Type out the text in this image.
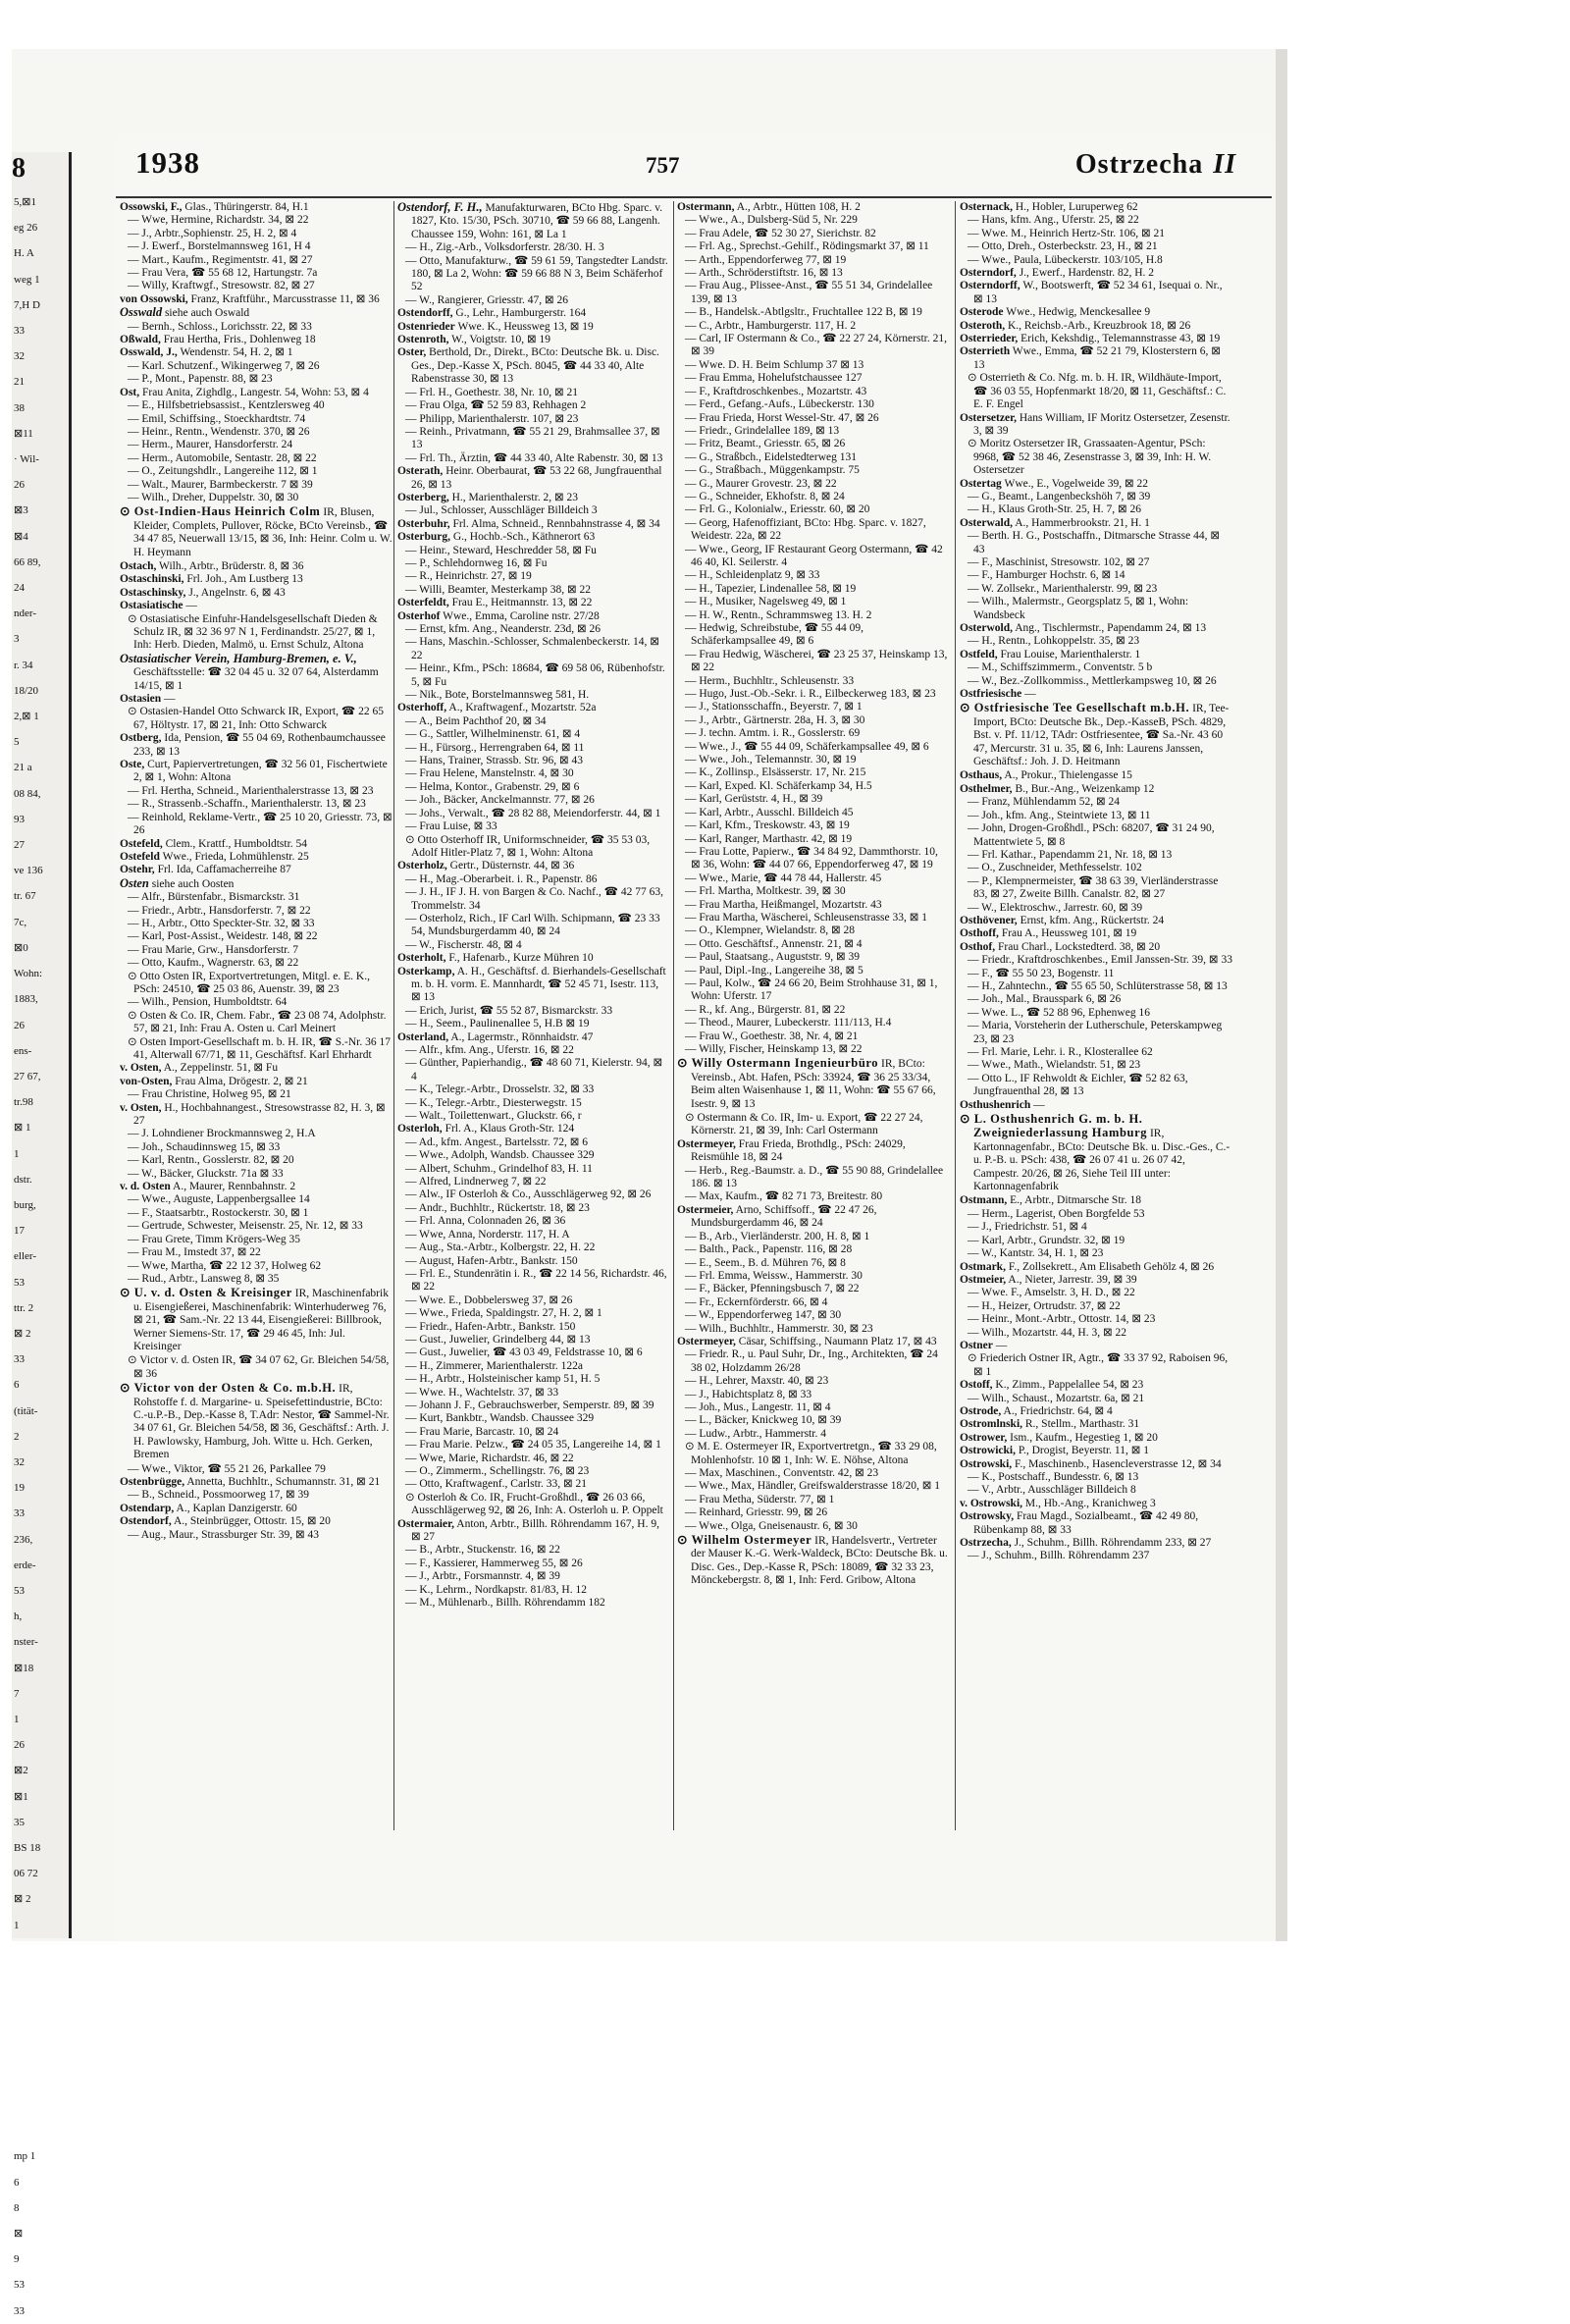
8
5,⊠1
eg 26
H. A
weg 1
7,H D
33
32
21
38
⊠11
· Wil-
26
⊠3
⊠4
66 89,
24
nder-
3
r. 34
18/20
2,⊠ 1
5
21 a
08 84,
93
27
ve 136
tr. 67
7c,
⊠0
Wohn:
1883,
26
ens-
27 67,
tr.98
⊠ 1
1
dstr.
burg,
17
eller-
53
ttr. 2
⊠ 2
33
6
(tität-
2
32
19
33
236,
erde-
53
h,
nster-
⊠18
7
1
26
⊠2
⊠1
35
BS 18
06 72
⊠ 2
1
mp 1
6
8
⊠
9
53
33
1938	757	Ostrzecha II

Ossowski, F., Glas., Thüringerstr. 84, H.1

— Wwe, Hermine, Richardstr. 34, ⊠ 22

— J., Arbtr.,Sophienstr. 25, H. 2, ⊠ 4

— J. Ewerf., Borstelmannsweg 161, H 4

— Mart., Kaufm., Regimentstr. 41, ⊠ 27

— Frau Vera, ☎ 55 68 12, Hartungstr. 7a

— Willy, Kraftwgf., Stresowstr. 82, ⊠ 27

von Ossowski, Franz, Kraftführ., Marcusstrasse 11, ⊠ 36

Osswald siehe auch Oswald

— Bernh., Schloss., Lorichsstr. 22, ⊠ 33

Oßwald, Frau Hertha, Fris., Dohlenweg 18

Osswald, J., Wendenstr. 54, H. 2, ⊠ 1

— Karl. Schutzenf., Wikingerweg 7, ⊠ 26

— P., Mont., Papenstr. 88, ⊠ 23

Ost, Frau Anita, Zighdlg., Langestr. 54, Wohn: 53, ⊠ 4

— E., Hilfsbetriebsassist., Kentzlersweg 40

— Emil, Schiffsing., Stoeckhardtstr. 74

— Heinr., Rentn., Wendenstr. 370, ⊠ 26

— Herm., Maurer, Hansdorferstr. 24

— Herm., Automobile, Sentastr. 28, ⊠ 22

— O., Zeitungshdlr., Langereihe 112, ⊠ 1

— Walt., Maurer, Barmbeckerstr. 7 ⊠ 39

— Wilh., Dreher, Duppelstr. 30, ⊠ 30

⊙ Ost-Indien-Haus Heinrich Colm IR, Blusen, Kleider, Complets, Pullover, Röcke, BCto Vereinsb., ☎ 34 47 85, Neuerwall 13/15, ⊠ 36, Inh: Heinr. Colm u. W. H. Heymann

Ostach, Wilh., Arbtr., Brüderstr. 8, ⊠ 36

Ostaschinski, Frl. Joh., Am Lustberg 13

Ostaschinsky, J., Angelnstr. 6, ⊠ 43

Ostasiatische —

⊙ Ostasiatische Einfuhr-Handelsgesellschaft Dieden & Schulz IR, ⊠ 32 36 97 N 1, Ferdinandstr. 25/27, ⊠ 1, Inh: Herb. Dieden, Malmö, u. Ernst Schulz, Altona

Ostasiatischer Verein, Hamburg-Bremen, e. V., Geschäftsstelle: ☎ 32 04 45 u. 32 07 64, Alsterdamm 14/15, ⊠ 1

Ostasien —

⊙ Ostasien-Handel Otto Schwarck IR, Export, ☎ 22 65 67, Höltystr. 17, ⊠ 21, Inh: Otto Schwarck

Ostberg, Ida, Pension, ☎ 55 04 69, Rothenbaumchaussee 233, ⊠ 13

Oste, Curt, Papiervertretungen, ☎ 32 56 01, Fischertwiete 2, ⊠ 1, Wohn: Altona

— Frl. Hertha, Schneid., Marienthalerstrasse 13, ⊠ 23

— R., Strassenb.-Schaffn., Marienthalerstr. 13, ⊠ 23

— Reinhold, Reklame-Vertr., ☎ 25 10 20, Griesstr. 73, ⊠ 26

Ostefeld, Clem., Krattf., Humboldtstr. 54

Ostefeld Wwe., Frieda, Lohmühlenstr. 25

Ostehr, Frl. Ida, Caffamacherreihe 87

Osten siehe auch Oosten

— Alfr., Bürstenfabr., Bismarckstr. 31

— Friedr., Arbtr., Hansdorferstr. 7, ⊠ 22

— H., Arbtr., Otto Speckter-Str. 32, ⊠ 33

— Karl, Post-Assist., Weidestr. 148, ⊠ 22

— Frau Marie, Grw., Hansdorferstr. 7

— Otto, Kaufm., Wagnerstr. 63, ⊠ 22

⊙ Otto Osten IR, Exportvertretungen, Mitgl. e. E. K., PSch: 24510, ☎ 25 03 86, Auenstr. 39, ⊠ 23

— Wilh., Pension, Humboldtstr. 64

⊙ Osten & Co. IR, Chem. Fabr., ☎ 23 08 74, Adolphstr. 57, ⊠ 21, Inh: Frau A. Osten u. Carl Meinert

⊙ Osten Import-Gesellschaft m. b. H. IR, ☎ S.-Nr. 36 17 41, Alterwall 67/71, ⊠ 11, Geschäftsf. Karl Ehrhardt

v. Osten, A., Zeppelinstr. 51, ⊠ Fu

von-Osten, Frau Alma, Drögestr. 2, ⊠ 21

— Frau Christine, Holweg 95, ⊠ 21

v. Osten, H., Hochbahnangest., Stresowstrasse 82, H. 3, ⊠ 27

— J. Lohndiener Brockmannsweg 2, H.A

— Joh., Schaudinnsweg 15, ⊠ 33

— Karl, Rentn., Gosslerstr. 82, ⊠ 20

— W., Bäcker, Gluckstr. 71a ⊠ 33

v. d. Osten A., Maurer, Rennbahnstr. 2

— Wwe., Auguste, Lappenbergsallee 14

— F., Staatsarbtr., Rostockerstr. 30, ⊠ 1

— Gertrude, Schwester, Meisenstr. 25, Nr. 12, ⊠ 33

— Frau Grete, Timm Krögers-Weg 35

— Frau M., Imstedt 37, ⊠ 22

— Wwe, Martha, ☎ 22 12 37, Holweg 62

— Rud., Arbtr., Lansweg 8, ⊠ 35

⊙ U. v. d. Osten & Kreisinger IR, Maschinenfabrik u. Eisengießerei, Maschinenfabrik: Winterhuderweg 76, ⊠ 21, ☎ Sam.-Nr. 22 13 44, Eisengießerei: Billbrook, Werner Siemens-Str. 17, ☎ 29 46 45, Inh: Jul. Kreisinger

⊙ Victor v. d. Osten IR, ☎ 34 07 62, Gr. Bleichen 54/58, ⊠ 36

⊙ Victor von der Osten & Co. m.b.H. IR, Rohstoffe f. d. Margarine- u. Speisefettindustrie, BCto: C.-u.P.-B., Dep.-Kasse 8, T.Adr: Nestor, ☎ Sammel-Nr. 34 07 61, Gr. Bleichen 54/58, ⊠ 36, Geschäftsf.: Arth. J. H. Pawlowsky, Hamburg, Joh. Witte u. Hch. Gerken, Bremen

— Wwe., Viktor, ☎ 55 21 26, Parkallee 79

Ostenbrügge, Annetta, Buchhltr., Schumannstr. 31, ⊠ 21

— B., Schneid., Possmoorweg 17, ⊠ 39

Ostendarp, A., Kaplan Danzigerstr. 60

Ostendorf, A., Steinbrügger, Ottostr. 15, ⊠ 20

— Aug., Maur., Strassburger Str. 39, ⊠ 43

Ostendorf, F. H., Manufakturwaren, BCto Hbg. Sparc. v. 1827, Kto. 15/30, PSch. 30710, ☎ 59 66 88, Langenh. Chaussee 159, Wohn: 161, ⊠ La 1

— H., Zig.-Arb., Volksdorferstr. 28/30. H. 3

— Otto, Manufakturw., ☎ 59 61 59, Tangstedter Landstr. 180, ⊠ La 2, Wohn: ☎ 59 66 88 N 3, Beim Schäferhof 52

— W., Rangierer, Griesstr. 47, ⊠ 26

Ostendorff, G., Lehr., Hamburgerstr. 164

Ostenrieder Wwe. K., Heussweg 13, ⊠ 19

Ostenroth, W., Voigtstr. 10, ⊠ 19

Oster, Berthold, Dr., Direkt., BCto: Deutsche Bk. u. Disc. Ges., Dep.-Kasse X, PSch. 8045, ☎ 44 33 40, Alte Rabenstrasse 30, ⊠ 13

— Frl. H., Goethestr. 38, Nr. 10, ⊠ 21

— Frau Olga, ☎ 52 59 83, Rehhagen 2

— Philipp, Marienthalerstr. 107, ⊠ 23

— Reinh., Privatmann, ☎ 55 21 29, Brahmsallee 37, ⊠ 13

— Frl. Th., Ärztin, ☎ 44 33 40, Alte Rabenstr. 30, ⊠ 13

Osterath, Heinr. Oberbaurat, ☎ 53 22 68, Jungfrauenthal 26, ⊠ 13

Osterberg, H., Marienthalerstr. 2, ⊠ 23

— Jul., Schlosser, Ausschläger Billdeich 3

Osterbuhr, Frl. Alma, Schneid., Rennbahnstrasse 4, ⊠ 34

Osterburg, G., Hochb.-Sch., Käthnerort 63

— Heinr., Steward, Heschredder 58, ⊠ Fu

— P., Schlehdornweg 16, ⊠ Fu

— R., Heinrichstr. 27, ⊠ 19

— Willi, Beamter, Mesterkamp 38, ⊠ 22

Osterfeldt, Frau E., Heitmannstr. 13, ⊠ 22

Osterhof Wwe., Emma, Caroline nstr. 27/28

— Ernst, kfm. Ang., Neanderstr. 23d, ⊠ 26

— Hans, Maschin.-Schlosser, Schmalenbeckerstr. 14, ⊠ 22

— Heinr., Kfm., PSch: 18684, ☎ 69 58 06, Rübenhofstr. 5, ⊠ Fu

— Nik., Bote, Borstelmannsweg 581, H.

Osterhoff, A., Kraftwagenf., Mozartstr. 52a

— A., Beim Pachthof 20, ⊠ 34

— G., Sattler, Wilhelminenstr. 61, ⊠ 4

— H., Fürsorg., Herrengraben 64, ⊠ 11

— Hans, Trainer, Strassb. Str. 96, ⊠ 43

— Frau Helene, Manstelnstr. 4, ⊠ 30

— Helma, Kontor., Grabenstr. 29, ⊠ 6

— Joh., Bäcker, Anckelmannstr. 77, ⊠ 26

— Johs., Verwalt., ☎ 28 82 88, Meiendorferstr. 44, ⊠ 1

— Frau Luise, ⊠ 33

⊙ Otto Osterhoff IR, Uniformschneider, ☎ 35 53 03, Adolf Hitler-Platz 7, ⊠ 1, Wohn: Altona

Osterholz, Gertr., Düsternstr. 44, ⊠ 36

— H., Mag.-Oberarbeit. i. R., Papenstr. 86

— J. H., IF J. H. von Bargen & Co. Nachf., ☎ 42 77 63, Trommelstr. 34

— Osterholz, Rich., IF Carl Wilh. Schipmann, ☎ 23 33 54, Mundsburgerdamm 40, ⊠ 24

— W., Fischerstr. 48, ⊠ 4

Osterholt, F., Hafenarb., Kurze Mühren 10

Osterkamp, A. H., Geschäftsf. d. Bierhandels-Gesellschaft m. b. H. vorm. E. Mannhardt, ☎ 52 45 71, Isestr. 113, ⊠ 13

— Erich, Jurist, ☎ 55 52 87, Bismarckstr. 33

— H., Seem., Paulinenallee 5, H.B ⊠ 19

Osterland, A., Lagermstr., Rönnhaidstr. 47

— Alfr., kfm. Ang., Uferstr. 16, ⊠ 22

— Günther, Papierhandig., ☎ 48 60 71, Kielerstr. 94, ⊠ 4

— K., Telegr.-Arbtr., Drosselstr. 32, ⊠ 33

— K., Telegr.-Arbtr., Diesterwegstr. 15

— Walt., Toilettenwart., Gluckstr. 66, r

Osterloh, Frl. A., Klaus Groth-Str. 124

— Ad., kfm. Angest., Bartelsstr. 72, ⊠ 6

— Wwe., Adolph, Wandsb. Chaussee 329

— Albert, Schuhm., Grindelhof 83, H. 11

— Alfred, Lindnerweg 7, ⊠ 22

— Alw., IF Osterloh & Co., Ausschlägerweg 92, ⊠ 26

— Andr., Buchhltr., Rückertstr. 18, ⊠ 23

— Frl. Anna, Colonnaden 26, ⊠ 36

— Wwe, Anna, Norderstr. 117, H. A

— Aug., Sta.-Arbtr., Kolbergstr. 22, H. 22

— August, Hafen-Arbtr., Bankstr. 150

— Frl. E., Stundenrätin i. R., ☎ 22 14 56, Richardstr. 46, ⊠ 22

— Wwe. E., Dobbelersweg 37, ⊠ 26

— Wwe., Frieda, Spaldingstr. 27, H. 2, ⊠ 1

— Friedr., Hafen-Arbtr., Bankstr. 150

— Gust., Juwelier, Grindelberg 44, ⊠ 13

— Gust., Juwelier, ☎ 43 03 49, Feldstrasse 10, ⊠ 6

— H., Zimmerer, Marienthalerstr. 122a

— H., Arbtr., Holsteinischer kamp 51, H. 5

— Wwe. H., Wachtelstr. 37, ⊠ 33

— Johann J. F., Gebrauchswerber, Semperstr. 89, ⊠ 39

— Kurt, Bankbtr., Wandsb. Chaussee 329

— Frau Marie, Barcastr. 10, ⊠ 24

— Frau Marie. Pelzw., ☎ 24 05 35, Langereihe 14, ⊠ 1

— Wwe, Marie, Richardstr. 46, ⊠ 22

— O., Zimmerm., Schellingstr. 76, ⊠ 23

— Otto, Kraftwagenf., Carlstr. 33, ⊠ 21

⊙ Osterloh & Co. IR, Frucht-Großhdl., ☎ 26 03 66, Ausschlägerweg 92, ⊠ 26, Inh: A. Osterloh u. P. Oppelt

Ostermaier, Anton, Arbtr., Billh. Röhrendamm 167, H. 9, ⊠ 27

— B., Arbtr., Stuckenstr. 16, ⊠ 22

— F., Kassierer, Hammerweg 55, ⊠ 26

— J., Arbtr., Forsmannstr. 4, ⊠ 39

— K., Lehrm., Nordkapstr. 81/83, H. 12

— M., Mühlenarb., Billh. Röhrendamm 182

Ostermann, A., Arbtr., Hütten 108, H. 2

— Wwe., A., Dulsberg-Süd 5, Nr. 229

— Frau Adele, ☎ 52 30 27, Sierichstr. 82

— Frl. Ag., Sprechst.-Gehilf., Rödingsmarkt 37, ⊠ 11

— Arth., Eppendorferweg 77, ⊠ 19

— Arth., Schröderstiftstr. 16, ⊠ 13

— Frau Aug., Plissee-Anst., ☎ 55 51 34, Grindelallee 139, ⊠ 13

— B., Handelsk.-Abtlgsltr., Fruchtallee 122 B, ⊠ 19

— C., Arbtr., Hamburgerstr. 117, H. 2

— Carl, IF Ostermann & Co., ☎ 22 27 24, Körnerstr. 21, ⊠ 39

— Wwe. D. H. Beim Schlump 37 ⊠ 13

— Frau Emma, Hohelufstchaussee 127

— F., Kraftdroschkenbes., Mozartstr. 43

— Ferd., Gefang.-Aufs., Lübeckerstr. 130

— Frau Frieda, Horst Wessel-Str. 47, ⊠ 26

— Friedr., Grindelallee 189, ⊠ 13

— Fritz, Beamt., Griesstr. 65, ⊠ 26

— G., Straßbch., Eidelstedterweg 131

— G., Straßbach., Müggenkampstr. 75

— G., Maurer Grovestr. 23, ⊠ 22

— G., Schneider, Ekhofstr. 8, ⊠ 24

— Frl. G., Kolonialw., Eriesstr. 60, ⊠ 20

— Georg, Hafenoffiziant, BCto: Hbg. Sparc. v. 1827, Weidestr. 22a, ⊠ 22

— Wwe., Georg, IF Restaurant Georg Ostermann, ☎ 42 46 40, Kl. Seilerstr. 4

— H., Schleidenplatz 9, ⊠ 33

— H., Tapezier, Lindenallee 58, ⊠ 19

— H., Musiker, Nagelsweg 49, ⊠ 1

— H. W., Rentn., Schrammsweg 13. H. 2

— Hedwig, Schreibstube, ☎ 55 44 09, Schäferkampsallee 49, ⊠ 6

— Frau Hedwig, Wäscherei, ☎ 23 25 37, Heinskamp 13, ⊠ 22

— Herm., Buchhltr., Schleusenstr. 33

— Hugo, Just.-Ob.-Sekr. i. R., Eilbeckerweg 183, ⊠ 23

— J., Stationsschaffn., Beyerstr. 7, ⊠ 1

— J., Arbtr., Gärtnerstr. 28a, H. 3, ⊠ 30

— J. techn. Amtm. i. R., Gosslerstr. 69

— Wwe., J., ☎ 55 44 09, Schäferkampsallee 49, ⊠ 6

— Wwe., Joh., Telemannstr. 30, ⊠ 19

— K., Zollinsp., Elsässerstr. 17, Nr. 215

— Karl, Exped. Kl. Schäferkamp 34, H.5

— Karl, Gerüststr. 4, H., ⊠ 39

— Karl, Arbtr., Ausschl. Billdeich 45

— Karl, Kfm., Treskowstr. 43, ⊠ 19

— Karl, Ranger, Marthastr. 42, ⊠ 19

— Frau Lotte, Papierw., ☎ 34 84 92, Dammthorstr. 10, ⊠ 36, Wohn: ☎ 44 07 66, Eppendorferweg 47, ⊠ 19

— Wwe., Marie, ☎ 44 78 44, Hallerstr. 45

— Frl. Martha, Moltkestr. 39, ⊠ 30

— Frau Martha, Heißmangel, Mozartstr. 43

— Frau Martha, Wäscherei, Schleusenstrasse 33, ⊠ 1

— O., Klempner, Wielandstr. 8, ⊠ 28

— Otto. Geschäftsf., Annenstr. 21, ⊠ 4

— Paul, Staatsang., Auguststr. 9, ⊠ 39

— Paul, Dipl.-Ing., Langereihe 38, ⊠ 5

— Paul, Kolw., ☎ 24 66 20, Beim Strohhause 31, ⊠ 1, Wohn: Uferstr. 17

— R., kf. Ang., Bürgerstr. 81, ⊠ 22

— Theod., Maurer, Lubeckerstr. 111/113, H.4

— Frau W., Goethestr. 38, Nr. 4, ⊠ 21

— Willy, Fischer, Heinskamp 13, ⊠ 22

⊙ Willy Ostermann Ingenieurbüro IR, BCto: Vereinsb., Abt. Hafen, PSch: 33924, ☎ 36 25 33/34, Beim alten Waisenhause 1, ⊠ 11, Wohn: ☎ 55 67 66, Isestr. 9, ⊠ 13

⊙ Ostermann & Co. IR, Im- u. Export, ☎ 22 27 24, Körnerstr. 21, ⊠ 39, Inh: Carl Ostermann

Ostermeyer, Frau Frieda, Brothdlg., PSch: 24029, Reismühle 18, ⊠ 24

— Herb., Reg.-Baumstr. a. D., ☎ 55 90 88, Grindelallee 186. ⊠ 13

— Max, Kaufm., ☎ 82 71 73, Breitestr. 80

Ostermeier, Arno, Schiffsoff., ☎ 22 47 26, Mundsburgerdamm 46, ⊠ 24

— B., Arb., Vierländerstr. 200, H. 8, ⊠ 1

— Balth., Pack., Papenstr. 116, ⊠ 28

— E., Seem., B. d. Mühren 76, ⊠ 8

— Frl. Emma, Weissw., Hammerstr. 30

— F., Bäcker, Pfenningsbusch 7, ⊠ 22

— Fr., Eckernförderstr. 66, ⊠ 4

— W., Eppendorferweg 147, ⊠ 30

— Wilh., Buchhltr., Hammerstr. 30, ⊠ 23

Ostermeyer, Cäsar, Schiffsing., Naumann Platz 17, ⊠ 43

— Friedr. R., u. Paul Suhr, Dr., Ing., Architekten, ☎ 24 38 02, Holzdamm 26/28

— H., Lehrer, Maxstr. 40, ⊠ 23

— J., Habichtsplatz 8, ⊠ 33

— Joh., Mus., Langestr. 11, ⊠ 4

— L., Bäcker, Knickweg 10, ⊠ 39

— Ludw., Arbtr., Hammerstr. 4

⊙ M. E. Ostermeyer IR, Exportvertretgn., ☎ 33 29 08, Mohlenhofstr. 10 ⊠ 1, Inh: W. E. Nöhse, Altona

— Max, Maschinen., Conventstr. 42, ⊠ 23

— Wwe., Max, Händler, Greifswalderstrasse 18/20, ⊠ 1

— Frau Metha, Süderstr. 77, ⊠ 1

— Reinhard, Griesstr. 99, ⊠ 26

— Wwe., Olga, Gneisenaustr. 6, ⊠ 30

⊙ Wilhelm Ostermeyer IR, Handelsvertr., Vertreter der Mauser K.-G. Werk-Waldeck, BCto: Deutsche Bk. u. Disc. Ges., Dep.-Kasse R, PSch: 18089, ☎ 32 33 23, Mönckebergstr. 8, ⊠ 1, Inh: Ferd. Gribow, Altona

Osternack, H., Hobler, Luruperweg 62

— Hans, kfm. Ang., Uferstr. 25, ⊠ 22

— Wwe. M., Heinrich Hertz-Str. 106, ⊠ 21

— Otto, Dreh., Osterbeckstr. 23, H., ⊠ 21

— Wwe., Paula, Lübeckerstr. 103/105, H.8

Osterndorf, J., Ewerf., Hardenstr. 82, H. 2

Osterndorff, W., Bootswerft, ☎ 52 34 61, Isequai o. Nr., ⊠ 13

Osterode Wwe., Hedwig, Menckesallee 9

Osteroth, K., Reichsb.-Arb., Kreuzbrook 18, ⊠ 26

Osterrieder, Erich, Kekshdig., Telemannstrasse 43, ⊠ 19

Osterrieth Wwe., Emma, ☎ 52 21 79, Klosterstern 6, ⊠ 13

⊙ Osterrieth & Co. Nfg. m. b. H. IR, Wildhäute-Import, ☎ 36 03 55, Hopfenmarkt 18/20, ⊠ 11, Geschäftsf.: C. E. F. Engel

Ostersetzer, Hans William, IF Moritz Ostersetzer, Zesenstr. 3, ⊠ 39

⊙ Moritz Ostersetzer IR, Grassaaten-Agentur, PSch: 9968, ☎ 52 38 46, Zesenstrasse 3, ⊠ 39, Inh: H. W. Ostersetzer

Ostertag Wwe., E., Vogelweide 39, ⊠ 22

— G., Beamt., Langenbeckshöh 7, ⊠ 39

— H., Klaus Groth-Str. 25, H. 7, ⊠ 26

Osterwald, A., Hammerbrookstr. 21, H. 1

— Berth. H. G., Postschaffn., Ditmarsche Strasse 44, ⊠ 43

— F., Maschinist, Stresowstr. 102, ⊠ 27

— F., Hamburger Hochstr. 6, ⊠ 14

— W. Zollsekr., Marienthalerstr. 99, ⊠ 23

— Wilh., Malermstr., Georgsplatz 5, ⊠ 1, Wohn: Wandsbeck

Osterwold, Ang., Tischlermstr., Papendamm 24, ⊠ 13

— H., Rentn., Lohkoppelstr. 35, ⊠ 23

Ostfeld, Frau Louise, Marienthalerstr. 1

— M., Schiffszimmerm., Conventstr. 5 b

— W., Bez.-Zollkommiss., Mettlerkampsweg 10, ⊠ 26

Ostfriesische —

⊙ Ostfriesische Tee Gesellschaft m.b.H. IR, Tee-Import, BCto: Deutsche Bk., Dep.-KasseB, PSch. 4829, Bst. v. Pf. 11/12, TAdr: Ostfriesentee, ☎ Sa.-Nr. 43 60 47, Mercurstr. 31 u. 35, ⊠ 6, Inh: Laurens Janssen, Geschäftsf.: Joh. J. D. Heitmann

Osthaus, A., Prokur., Thielengasse 15

Osthelmer, B., Bur.-Ang., Weizenkamp 12

— Franz, Mühlendamm 52, ⊠ 24

— Joh., kfm. Ang., Steintwiete 13, ⊠ 11

— John, Drogen-Großhdl., PSch: 68207, ☎ 31 24 90, Mattentwiete 5, ⊠ 8

— Frl. Kathar., Papendamm 21, Nr. 18, ⊠ 13

— O., Zuschneider, Methfesselstr. 102

— P., Klempnermeister, ☎ 38 63 39, Vierländerstrasse 83, ⊠ 27, Zweite Billh. Canalstr. 82, ⊠ 27

— W., Elektroschw., Jarrestr. 60, ⊠ 39

Osthövener, Ernst, kfm. Ang., Rückertstr. 24

Osthoff, Frau A., Heussweg 101, ⊠ 19

Osthof, Frau Charl., Lockstedterd. 38, ⊠ 20

— Friedr., Kraftdroschkenbes., Emil Janssen-Str. 39, ⊠ 33

— F., ☎ 55 50 23, Bogenstr. 11

— H., Zahntechn., ☎ 55 65 50, Schlüterstrasse 58, ⊠ 13

— Joh., Mal., Brausspark 6, ⊠ 26

— Wwe. L., ☎ 52 88 96, Ephenweg 16

— Maria, Vorsteherin der Lutherschule, Peterskampweg 23, ⊠ 23

— Frl. Marie, Lehr. i. R., Klosterallee 62

— Wwe., Math., Wielandstr. 51, ⊠ 23

— Otto L., IF Rehwoldt & Eichler, ☎ 52 82 63, Jungfrauenthal 28, ⊠ 13

Osthushenrich —

⊙ L. Osthushenrich G. m. b. H. Zweigniederlassung Hamburg IR, Kartonnagenfabr., BCto: Deutsche Bk. u. Disc.-Ges., C.-u. P.-B. u. PSch: 438, ☎ 26 07 41 u. 26 07 42, Campestr. 20/26, ⊠ 26, Siehe Teil III unter: Kartonnagenfabrik

Ostmann, E., Arbtr., Ditmarsche Str. 18

— Herm., Lagerist, Oben Borgfelde 53

— J., Friedrichstr. 51, ⊠ 4

— Karl, Arbtr., Grundstr. 32, ⊠ 19

— W., Kantstr. 34, H. 1, ⊠ 23

Ostmark, F., Zollsekrett., Am Elisabeth Gehölz 4, ⊠ 26

Ostmeier, A., Nieter, Jarrestr. 39, ⊠ 39

— Wwe. F., Amselstr. 3, H. D., ⊠ 22

— H., Heizer, Ortrudstr. 37, ⊠ 22

— Heinr., Mont.-Arbtr., Ottostr. 14, ⊠ 23

— Wilh., Mozartstr. 44, H. 3, ⊠ 22

Ostner —

⊙ Friederich Ostner IR, Agtr., ☎ 33 37 92, Raboisen 96, ⊠ 1

Ostoff, K., Zimm., Pappelallee 54, ⊠ 23

— Wilh., Schaust., Mozartstr. 6a, ⊠ 21

Ostrode, A., Friedrichstr. 64, ⊠ 4

Ostromlnski, R., Stellm., Marthastr. 31

Ostrower, Ism., Kaufm., Hegestieg 1, ⊠ 20

Ostrowicki, P., Drogist, Beyerstr. 11, ⊠ 1

Ostrowski, F., Maschinenb., Hasencleverstrasse 12, ⊠ 34

— K., Postschaff., Bundesstr. 6, ⊠ 13

— V., Arbtr., Ausschläger Billdeich 8

v. Ostrowski, M., Hb.-Ang., Kranichweg 3

Ostrowsky, Frau Magd., Sozialbeamt., ☎ 42 49 80, Rübenkamp 88, ⊠ 33

Ostrzecha, J., Schuhm., Billh. Röhrendamm 233, ⊠ 27

— J., Schuhm., Billh. Röhrendamm 237
